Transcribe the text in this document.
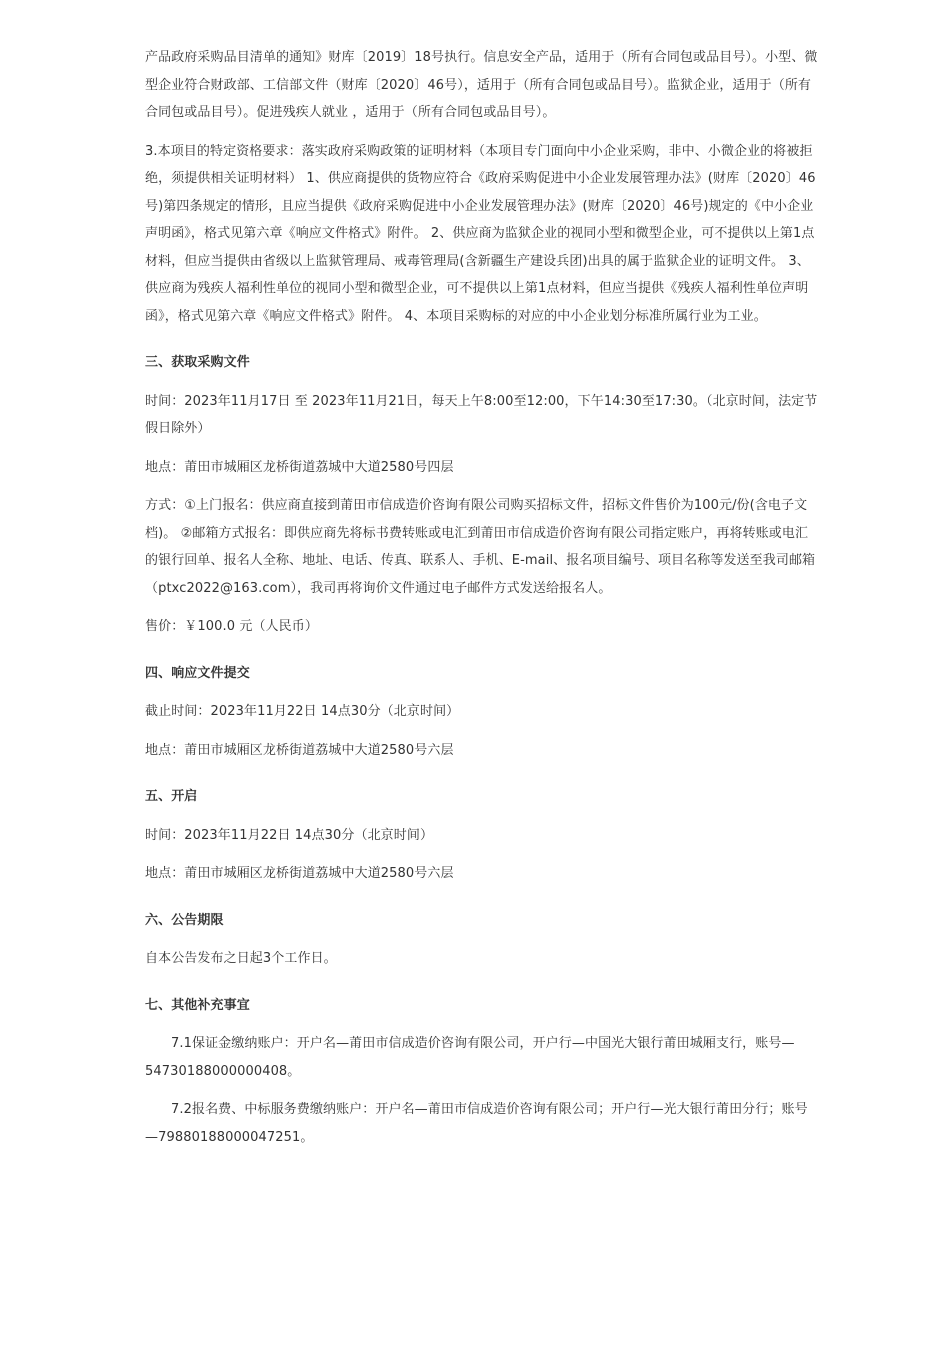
产品政府采购品目清单的通知》财库〔2019〕18号执行。信息安全产品，适用于（所有合同包或品目号）。小型、微型企业符合财政部、工信部文件（财库〔2020〕46号），适用于（所有合同包或品目号）。监狱企业，适用于（所有合同包或品目号）。促进残疾人就业 ，适用于（所有合同包或品目号）。

3.本项目的特定资格要求：落实政府采购政策的证明材料（本项目专门面向中小企业采购，非中、小微企业的将被拒绝，须提供相关证明材料） 1、供应商提供的货物应符合《政府采购促进中小企业发展管理办法》(财库〔2020〕46号)第四条规定的情形，且应当提供《政府采购促进中小企业发展管理办法》(财库〔2020〕46号)规定的《中小企业声明函》，格式见第六章《响应文件格式》附件。 2、供应商为监狱企业的视同小型和微型企业，可不提供以上第1点材料，但应当提供由省级以上监狱管理局、戒毒管理局(含新疆生产建设兵团)出具的属于监狱企业的证明文件。 3、供应商为残疾人福利性单位的视同小型和微型企业，可不提供以上第1点材料，但应当提供《残疾人福利性单位声明函》，格式见第六章《响应文件格式》附件。 4、本项目采购标的对应的中小企业划分标准所属行业为工业。

三、获取采购文件

时间：2023年11月17日 至 2023年11月21日，每天上午8:00至12:00，下午14:30至17:30。（北京时间，法定节假日除外）

地点：莆田市城厢区龙桥街道荔城中大道2580号四层

方式：①上门报名：供应商直接到莆田市信成造价咨询有限公司购买招标文件，招标文件售价为100元/份(含电子文档)。 ②邮箱方式报名：即供应商先将标书费转账或电汇到莆田市信成造价咨询有限公司指定账户，再将转账或电汇的银行回单、报名人全称、地址、电话、传真、联系人、手机、E-mail、报名项目编号、项目名称等发送至我司邮箱（ptxc2022@163.com），我司再将询价文件通过电子邮件方式发送给报名人。

售价：￥100.0 元（人民币）

四、响应文件提交

截止时间：2023年11月22日 14点30分（北京时间）

地点：莆田市城厢区龙桥街道荔城中大道2580号六层

五、开启

时间：2023年11月22日 14点30分（北京时间）

地点：莆田市城厢区龙桥街道荔城中大道2580号六层

六、公告期限

自本公告发布之日起3个工作日。

七、其他补充事宜

7.1保证金缴纳账户：开户名—莆田市信成造价咨询有限公司，开户行—中国光大银行莆田城厢支行，账号—54730188000000408。

7.2报名费、中标服务费缴纳账户：开户名—莆田市信成造价咨询有限公司；开户行—光大银行莆田分行；账号—79880188000047251。
